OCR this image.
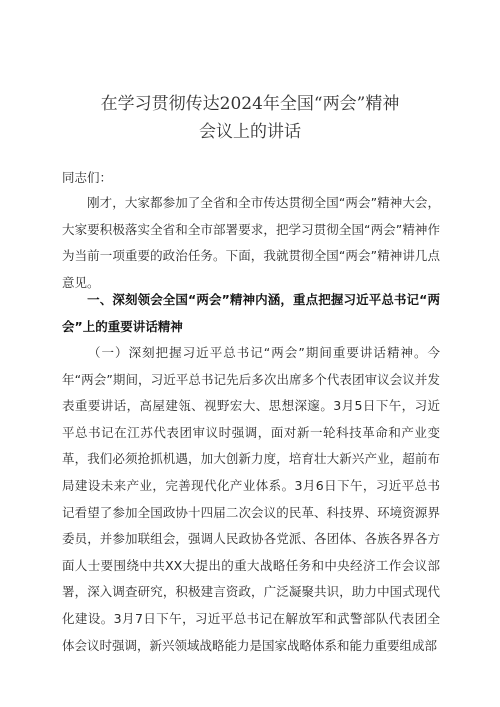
在学习贯彻传达2024年全国“两会”精神
会议上的讲话
同志们：
刚才，大家都参加了全省和全市传达贯彻全国“两会”精神大会，大家要积极落实全省和全市部署要求，把学习贯彻全国“两会”精神作为当前一项重要的政治任务。下面，我就贯彻全国“两会”精神讲几点意见。
一、深刻领会全国“两会”精神内涵，重点把握习近平总书记“两会”上的重要讲话精神
（一）深刻把握习近平总书记“两会”期间重要讲话精神。今年“两会”期间，习近平总书记先后多次出席多个代表团审议会议并发表重要讲话，高屋建瓴、视野宏大、思想深邃。3月5日下午，习近平总书记在江苏代表团审议时强调，面对新一轮科技革命和产业变革，我们必须抢抓机遇，加大创新力度，培育壮大新兴产业，超前布局建设未来产业，完善现代化产业体系。3月6日下午，习近平总书记看望了参加全国政协十四届二次会议的民革、科技界、环境资源界委员，并参加联组会，强调人民政协各党派、各团体、各族各界各方面人士要围绕中共XX大提出的重大战略任务和中央经济工作会议部署，深入调查研究，积极建言资政，广泛凝聚共识，助力中国式现代化建设。3月7日下午，习近平总书记在解放军和武警部队代表团全体会议时强调，新兴领域战略能力是国家战略体系和能力重要组成部
